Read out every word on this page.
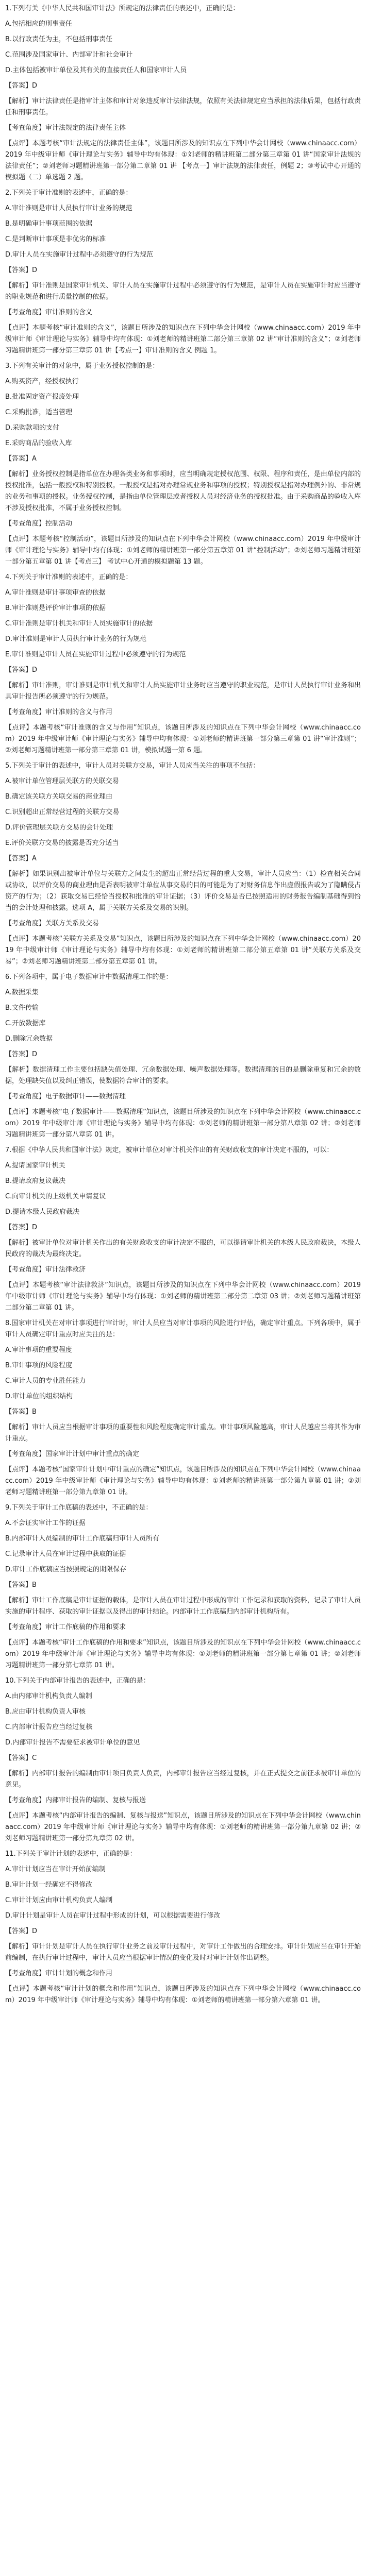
1.下列有关《中华人民共和国审计法》所规定的法律责任的表述中，正确的是：

A.包括相应的刑事责任

B.以行政责任为主，不包括刑事责任

C.范围涉及国家审计、内部审计和社会审计

D.主体包括被审计单位及其有关的直接责任人和国家审计人员

【答案】D

【解析】审计法律责任是指审计主体和审计对象违反审计法律法规，依照有关法律规定应当承担的法律后果，包括行政责任和刑事责任。

【考查角度】审计法规定的法律责任主体

【点评】本题考核“审计法规定的法律责任主体”，该题目所涉及的知识点在下列中华会计网校（www.chinaacc.com）2019 年中级审计师《审计理论与实务》辅导中均有体现：①刘老师的精讲班第二部分第三章第 01 讲“国家审计法规的法律责任”；②刘老师习题精讲班第一部分第二章第 01 讲 【考点一】审计法规的法律责任，例题 2；③考试中心开通的模拟题（二）单选题 2 题。

2.下列关于审计准则的表述中，正确的是：

A.审计准则是审计人员执行审计业务的规范

B.是明确审计事项范围的依据

C.是判断审计事项是非优劣的标准

D.审计人员在实施审计过程中必须遵守的行为规范

【答案】D

【解析】审计准则是国家审计机关、审计人员在实施审计过程中必须遵守的行为规范，是审计人员在实施审计时应当遵守的职业规范和进行质量控制的依据。

【考查角度】审计准则的含义

【点评】本题考核“审计准则的含义”，该题目所涉及的知识点在下列中华会计网校（www.chinaacc.com）2019 年中级审计师《审计理论与实务》辅导中均有体现：①刘老师的精讲班第二部分第三章第 02 讲“审计准则的含义”；②刘老师习题精讲班第一部分第三章第 01 讲【考点一】审计准则的含义 例题 1。

3.下列有关审计的对象中，属于业务授权控制的是：

A.购买资产，经授权执行

B.批准固定资产报废处理

C.采购批准，适当管理

D.采购款项的支付

E.采购商品的验收入库

【答案】A

【解析】业务授权控制是指单位在办理各类业务和事项时，应当明确规定授权范围、权限、程序和责任，是由单位内部的授权批准，包括一般授权和特别授权。一般授权是指对办理常规业务和事项的授权；特别授权是指对办理例外的、非常规的业务和事项的授权。业务授权控制，是指由单位管理层或者授权人员对经济业务的授权批准。由于采购商品的验收入库不涉及授权批准，不属于业务授权控制。

【考查角度】控制活动

【点评】本题考核“控制活动”，该题目所涉及的知识点在下列中华会计网校（www.chinaacc.com）2019 年中级审计师《审计理论与实务》辅导中均有体现：①刘老师的精讲班第一部分第五章第 01 讲“控制活动”；②刘老师习题精讲班第一部分第五章第 01 讲【考点三】 考试中心开通的模拟题第 13 题。

4.下列关于审计准则的表述中，正确的是：

A.审计准则是审计事项审查的依据

B.审计准则是评价审计事项的依据

C.审计准则是审计机关和审计人员实施审计的依据

D.审计准则是审计人员执行审计业务的行为规范

E.审计准则是审计人员在实施审计过程中必须遵守的行为规范

【答案】D

【解析】审计准则，审计准则是审计机关和审计人员实施审计业务时应当遵守的职业规范，是审计人员执行审计业务和出具审计报告所必须遵守的行为规范。

【考查角度】审计准则的含义与作用

【点评】本题考核“审计准则的含义与作用”知识点，该题目所涉及的知识点在下列中华会计网校（www.chinaacc.com）2019 年中级审计师《审计理论与实务》辅导中均有体现：①刘老师的精讲班第一部分第三章第 01 讲“审计准则”；②刘老师习题精讲班第一部分第三章第 01 讲，模拟试题一第 6 题。

5.下列关于审计的表述中，审计人员对关联方交易，审计人员应当关注的事项不包括：

A.被审计单位管理层关联方的关联交易

B.确定该关联方关联交易的商业理由

C.识别超出正常经营过程的关联方交易

D.评价管理层关联方交易的会计处理

E.评价关联方交易的披露是否充分适当

【答案】A

【解析】如果识别出被审计单位与关联方之间发生的超出正常经营过程的重大交易，审计人员应当：（1）检查相关合同或协议，以评价交易的商业理由是否表明被审计单位从事交易的目的可能是为了对财务信息作出虚假报告或为了隐瞒侵占资产的行为；（2）获取交易已经恰当授权和批准的审计证据；（3）评价交易是否已按照适用的财务报告编制基础得到恰当的会计处理和披露。选项 A，属于关联方关系及交易的识别。

【考查角度】关联方关系及交易

【点评】本题考核“关联方关系及交易”知识点，该题目所涉及的知识点在下列中华会计网校（www.chinaacc.com）2019 年中级审计师《审计理论与实务》辅导中均有体现：①刘老师的精讲班第二部分第五章第 01 讲“关联方关系及交易”；②刘老师习题精讲班第二部分第五章第 01 讲。

6.下列各项中，属于电子数据审计中数据清理工作的是：

A.数据采集

B.文件传输

C.开放数据库

D.删除冗余数据

【答案】D

【解析】数据清理工作主要包括缺失值处理、冗余数据处理、噪声数据处理等。数据清理的目的是删除重复和冗余的数据，处理缺失值以及纠正错误，使数据符合审计的要求。

【考查角度】电子数据审计——数据清理

【点评】本题考核“电子数据审计——数据清理”知识点，该题目所涉及的知识点在下列中华会计网校（www.chinaacc.com）2019 年中级审计师《审计理论与实务》辅导中均有体现：①刘老师的精讲班第一部分第八章第 02 讲；②刘老师习题精讲班第一部分第八章第 01 讲。

7.根据《中华人民共和国审计法》规定，被审计单位对审计机关作出的有关财政收支的审计决定不服的，可以：

A.提请国家审计机关

B.提请政府复议裁决

C.向审计机关的上级机关申请复议

D.提请本级人民政府裁决

【答案】D

【解析】被审计单位对审计机关作出的有关财政收支的审计决定不服的，可以提请审计机关的本级人民政府裁决，本级人民政府的裁决为最终决定。

【考查角度】审计法律救济

【点评】本题考核“审计法律救济”知识点，该题目所涉及的知识点在下列中华会计网校（www.chinaacc.com）2019 年中级审计师《审计理论与实务》辅导中均有体现：①刘老师的精讲班第二部分第二章第 03 讲；②刘老师习题精讲班第二部分第二章第 01 讲。

8.国家审计机关在对审计事项进行审计时，审计人员应当对审计事项的风险进行评估，确定审计重点。下列各项中，属于审计人员确定审计重点时应关注的是：

A.审计事项的重要程度

B.审计事项的风险程度

C.审计人员的专业胜任能力

D.审计单位的组织结构

【答案】B

【解析】审计人员应当根据审计事项的重要性和风险程度确定审计重点。审计事项风险越高，审计人员越应当将其作为审计重点。

【考查角度】国家审计计划中审计重点的确定

【点评】本题考核“国家审计计划中审计重点的确定”知识点，该题目所涉及的知识点在下列中华会计网校（www.chinaacc.com）2019 年中级审计师《审计理论与实务》辅导中均有体现：①刘老师的精讲班第一部分第九章第 01 讲；②刘老师习题精讲班第一部分第九章第 01 讲。

9.下列关于审计工作底稿的表述中，不正确的是：

A.不会证实审计工作的证据

B.内部审计人员编制的审计工作底稿归审计人员所有

C.记录审计人员在审计过程中获取的证据

D.审计工作底稿应当按照规定的期限保存

【答案】B

【解析】审计工作底稿是审计证据的载体，是审计人员在审计过程中形成的审计工作记录和获取的资料，记录了审计人员实施的审计程序、获取的审计证据以及得出的审计结论。内部审计工作底稿归内部审计机构所有。

【考查角度】审计工作底稿的作用和要求

【点评】本题考核“审计工作底稿的作用和要求”知识点，该题目所涉及的知识点在下列中华会计网校（www.chinaacc.com）2019 年中级审计师《审计理论与实务》辅导中均有体现：①刘老师的精讲班第一部分第七章第 01 讲；②刘老师习题精讲班第一部分第七章第 01 讲。

10.下列关于内部审计报告的表述中，正确的是：

A.由内部审计机构负责人编制

B.应由审计机构负责人审核

C.内部审计报告应当经过复核

D.内部审计报告不需要征求被审计单位的意见

【答案】C

【解析】内部审计报告的编制由审计项目负责人负责，内部审计报告应当经过复核，并在正式提交之前征求被审计单位的意见。

【考查角度】内部审计报告的编制、复核与报送

【点评】本题考核“内部审计报告的编制、复核与报送”知识点，该题目所涉及的知识点在下列中华会计网校（www.chinaacc.com）2019 年中级审计师《审计理论与实务》辅导中均有体现：①刘老师的精讲班第一部分第九章第 02 讲；②刘老师习题精讲班第一部分第九章第 02 讲。

11.下列关于审计计划的表述中，正确的是：

A.审计计划应当在审计开始前编制

B.审计计划一经确定不得修改

C.审计计划应由审计机构负责人编制

D.审计计划是审计人员在审计过程中形成的计划，可以根据需要进行修改

【答案】D

【解析】审计计划是审计人员在执行审计业务之前及审计过程中，对审计工作做出的合理安排。审计计划应当在审计开始前编制，在执行审计过程中，审计人员应当根据审计情况的变化及时对审计计划作出调整。

【考查角度】审计计划的概念和作用

【点评】本题考核“审计计划的概念和作用”知识点，该题目所涉及的知识点在下列中华会计网校（www.chinaacc.com）2019 年中级审计师《审计理论与实务》辅导中均有体现：①刘老师的精讲班第一部分第六章第 01 讲。
